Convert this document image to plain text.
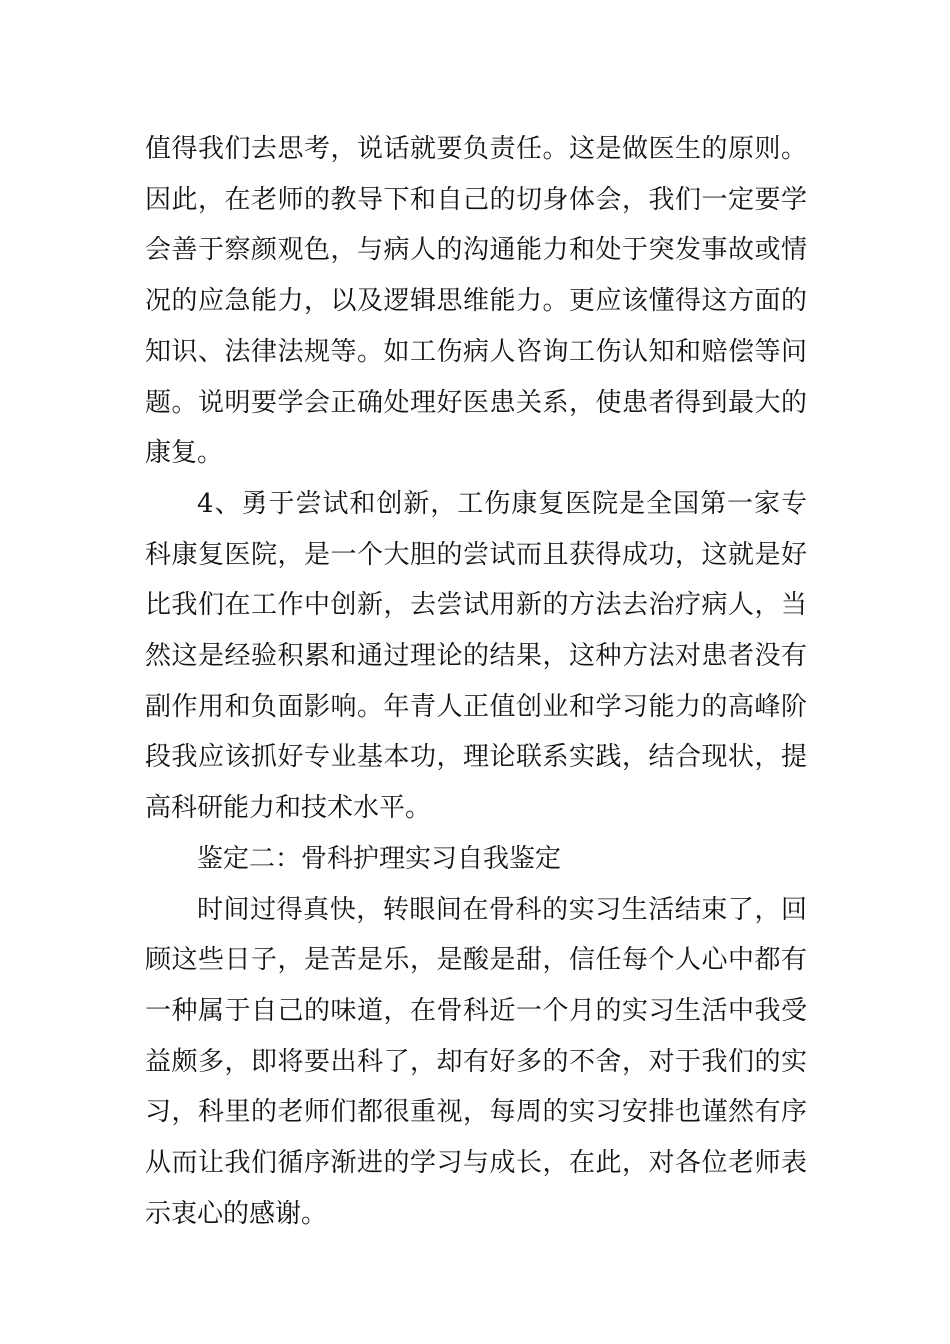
值得我们去思考，说话就要负责任。这是做医生的原则。因此，在老师的教导下和自己的切身体会，我们一定要学会善于察颜观色，与病人的沟通能力和处于突发事故或情况的应急能力，以及逻辑思维能力。更应该懂得这方面的知识、法律法规等。如工伤病人咨询工伤认知和赔偿等问题。说明要学会正确处理好医患关系，使患者得到最大的康复。

4、勇于尝试和创新，工伤康复医院是全国第一家专科康复医院，是一个大胆的尝试而且获得成功，这就是好比我们在工作中创新，去尝试用新的方法去治疗病人，当然这是经验积累和通过理论的结果，这种方法对患者没有副作用和负面影响。年青人正值创业和学习能力的高峰阶段我应该抓好专业基本功，理论联系实践，结合现状，提高科研能力和技术水平。

鉴定二：骨科护理实习自我鉴定

时间过得真快，转眼间在骨科的实习生活结束了，回顾这些日子，是苦是乐，是酸是甜，信任每个人心中都有一种属于自己的味道，在骨科近一个月的实习生活中我受益颇多，即将要出科了，却有好多的不舍，对于我们的实习，科里的老师们都很重视，每周的实习安排也谨然有序从而让我们循序渐进的学习与成长，在此，对各位老师表示衷心的感谢。
